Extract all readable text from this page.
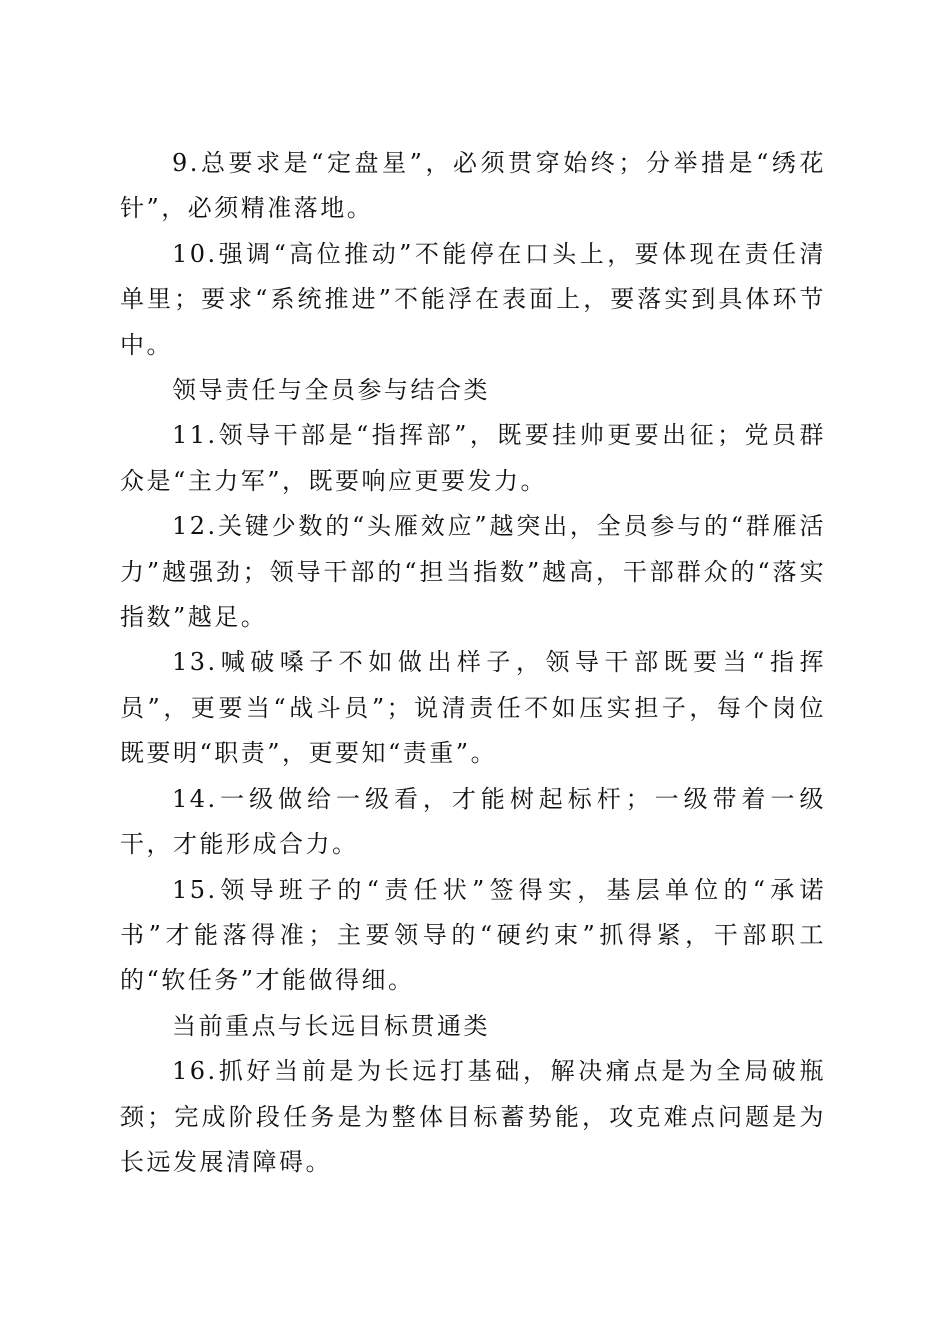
9.总要求是“定盘星”，必须贯穿始终；分举措是“绣花针”，必须精准落地。

10.强调“高位推动”不能停在口头上，要体现在责任清单里；要求“系统推进”不能浮在表面上，要落实到具体环节中。

领导责任与全员参与结合类

11.领导干部是“指挥部”，既要挂帅更要出征；党员群众是“主力军”，既要响应更要发力。

12.关键少数的“头雁效应”越突出，全员参与的“群雁活力”越强劲；领导干部的“担当指数”越高，干部群众的“落实指数”越足。

13.喊破嗓子不如做出样子，领导干部既要当“指挥员”，更要当“战斗员”；说清责任不如压实担子，每个岗位既要明“职责”，更要知“责重”。

14.一级做给一级看，才能树起标杆；一级带着一级干，才能形成合力。

15.领导班子的“责任状”签得实，基层单位的“承诺书”才能落得准；主要领导的“硬约束”抓得紧，干部职工的“软任务”才能做得细。

当前重点与长远目标贯通类

16.抓好当前是为长远打基础，解决痛点是为全局破瓶颈；完成阶段任务是为整体目标蓄势能，攻克难点问题是为长远发展清障碍。
